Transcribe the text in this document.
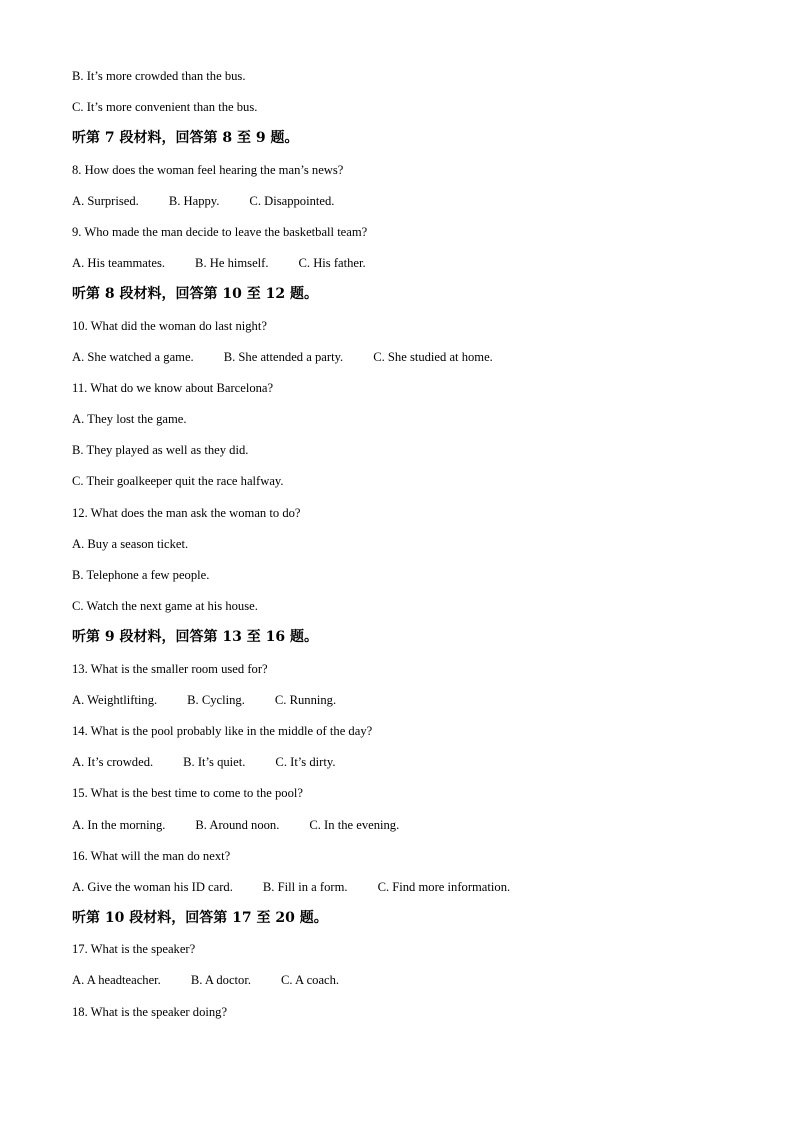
B. It’s more crowded than the bus.
C. It’s more convenient than the bus.
听第 7 段材料，回答第 8 至 9 题。
8. How does the woman feel hearing the man’s news?
A. Surprised. B. Happy. C. Disappointed.
9. Who made the man decide to leave the basketball team?
A. His teammates. B. He himself. C. His father.
听第 8 段材料，回答第 10 至 12 题。
10. What did the woman do last night?
A. She watched a game. B. She attended a party. C. She studied at home.
11. What do we know about Barcelona?
A. They lost the game.
B. They played as well as they did.
C. Their goalkeeper quit the race halfway.
12. What does the man ask the woman to do?
A. Buy a season ticket.
B. Telephone a few people.
C. Watch the next game at his house.
听第 9 段材料，回答第 13 至 16 题。
13. What is the smaller room used for?
A. Weightlifting. B. Cycling. C. Running.
14. What is the pool probably like in the middle of the day?
A. It’s crowded. B. It’s quiet. C. It’s dirty.
15. What is the best time to come to the pool?
A. In the morning. B. Around noon. C. In the evening.
16. What will the man do next?
A. Give the woman his ID card. B. Fill in a form. C. Find more information.
听第 10 段材料，回答第 17 至 20 题。
17. What is the speaker?
A. A headteacher. B. A doctor. C. A coach.
18. What is the speaker doing?
